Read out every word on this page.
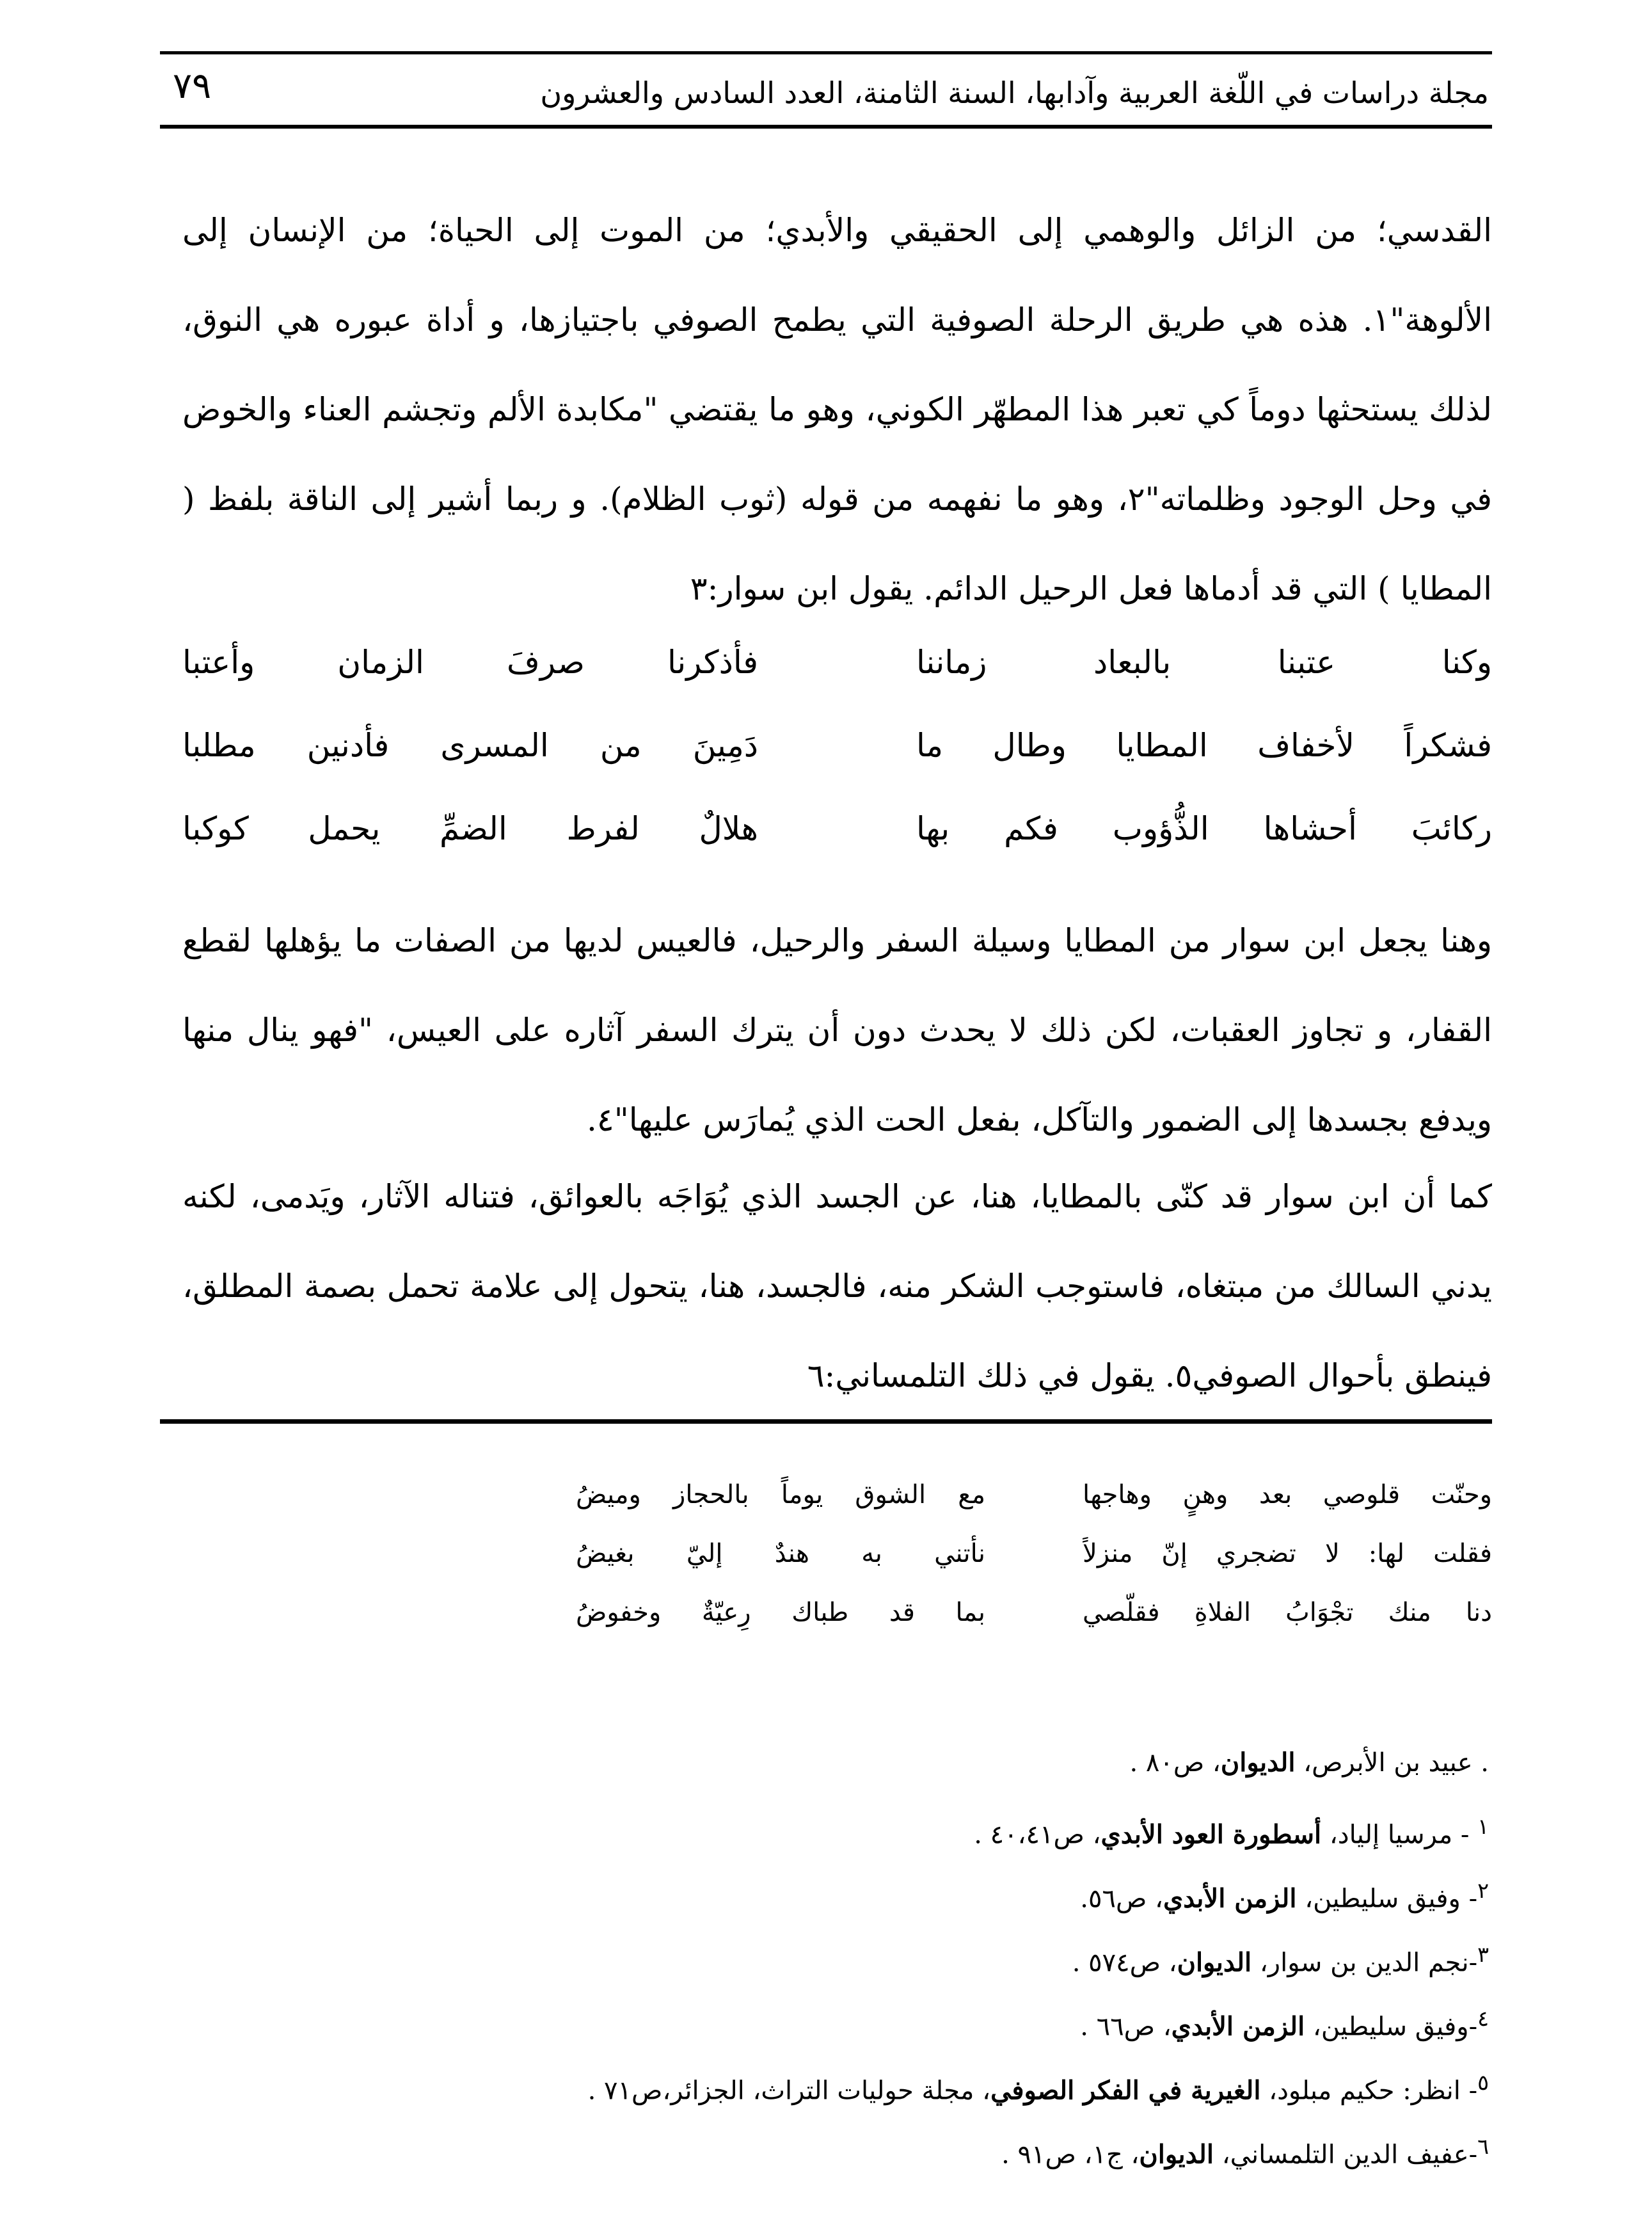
٧٩	مجلة دراسات في اللّغة العربية وآدابها، السنة الثامنة، العدد السادس والعشرون

القدسي؛ من الزائل والوهمي إلى الحقيقي والأبدي؛ من الموت إلى الحياة؛ من الإنسان إلى الألوهة"١. هذه هي طريق الرحلة الصوفية التي يطمح الصوفي باجتيازها، و أداة عبوره هي النوق، لذلك يستحثها دوماً كي تعبر هذا المطهّر الكوني، وهو ما يقتضي "مكابدة الألم وتجشم العناء والخوض في وحل الوجود وظلماته"٢، وهو ما نفهمه من قوله (ثوب الظلام). و ربما أشير إلى الناقة بلفظ ( المطايا ) التي قد أدماها فعل الرحيل الدائم. يقول ابن سوار:٣

وكنا عتبنا بالبعاد زماننا
فأذكرنا صرفَ الزمان وأعتبا
فشكراً لأخفاف المطايا وطال ما
دَمِينَ من المسرى فأدنين مطلبا
ركائبَ أحشاها الذُّؤوب فكم بها
هلالٌ لفرط الضمِّ يحمل كوكبا

وهنا يجعل ابن سوار من المطايا وسيلة السفر والرحيل، فالعيس لديها من الصفات ما يؤهلها لقطع القفار، و تجاوز العقبات، لكن ذلك لا يحدث دون أن يترك السفر آثاره على العيس، "فهو ينال منها ويدفع بجسدها إلى الضمور والتآكل، بفعل الحت الذي يُمارَس عليها"٤.

كما أن ابن سوار قد كنّى بالمطايا، هنا، عن الجسد الذي يُوَاجَه بالعوائق، فتناله الآثار، ويَدمى، لكنه يدني السالك من مبتغاه، فاستوجب الشكر منه، فالجسد، هنا، يتحول إلى علامة تحمل بصمة المطلق، فينطق بأحوال الصوفي٥. يقول في ذلك التلمساني:٦

وحنّت قلوصي بعد وهنٍ وهاجها
مع الشوق يوماً بالحجاز وميضُ
فقلت لها: لا تضجري إنّ منزلاً
نأتني به هندٌ إليّ بغيضُ
دنا منك تجْوَابُ الفلاةِ فقلّصي
بما قد طباك رِعيّةٌ وخفوضُ
. عبيد بن الأبرص، الديوان، ص٨٠ .
$^١$ - مرسيا إلياد، أسطورة العود الأبدي، ص٤٠،٤١ .
$^٢$- وفيق سليطين، الزمن الأبدي، ص٥٦.
$^٣$-نجم الدين بن سوار، الديوان، ص٥٧٤ .
$^٤$-وفيق سليطين، الزمن الأبدي، ص٦٦ .
$^٥$- انظر: حكيم مبلود، الغيرية في الفكر الصوفي، مجلة حوليات التراث، الجزائر،ص٧١ .
$^٦$-عفيف الدين التلمساني، الديوان، ج١، ص٩١ .
